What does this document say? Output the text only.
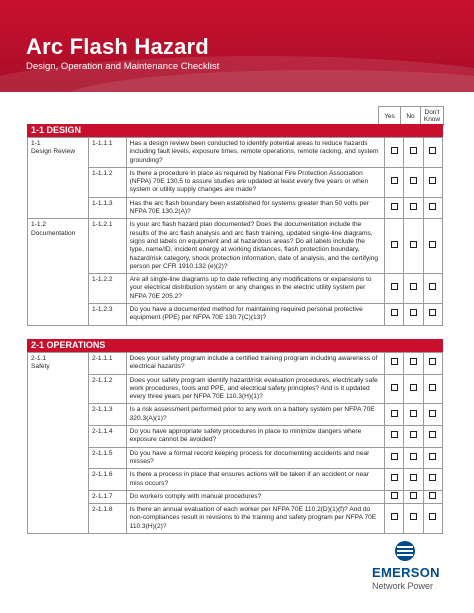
Arc Flash Hazard
Design, Operation and Maintenance Checklist
Yes	No	Don't Know
1-1 DESIGN
1-1
Design Review	1-1.1.1	Has a design review been conducted to identify potential areas to reduce hazards including fault levels, exposure times, remote operations, remote racking, and system grounding?			
	1-1.1.2	Is there a procedure in place as required by National Fire Protection Association (NFPA) 70E 130.5 to assure studies are updated at least every five years or when system or utility supply changes are made?			
	1-1.1.3	Has the arc flash boundary been established for systems greater than 50 volts per NFPA 70E 130.2(A)?			
1-1.2
Documentation	1-1.2.1	Is your arc flash hazard plan documented? Does the documentation include the results of the arc flash analysis and arc flash training, updated single-line diagrams, signs and labels on equipment and at hazardous areas? Do all labels include the type, name/ID, incident energy at working distances, flash protection boundary, hazard/risk category, shock protection information, date of analysis, and the certifying person per CFR 1910.132 (e)(2)?			
	1-1.2.2	Are all single-line diagrams up to date reflecting any modifications or expansions to your electrical distribution system or any changes in the electric utility system per NFPA 70E 205.2?			
	1-1.2.3	Do you have a documented method for maintaining required personal protective equipment (PPE) per NFPA 70E 130.7(C)(13)?			
2-1 OPERATIONS
2-1.1
Safety	2-1.1.1	Does your safety program include a certified training program including awareness of electrical hazards?			
	2-1.1.2	Does your safety program identify hazard/risk evaluation procedures, electrically safe work procedures, tools and PPE, and electrical safety principles? And is it updated every three years per NFPA 70E 110.3(H)(1)?			
	2-1.1.3	Is a risk assessment performed prior to any work on a battery system per NFPA 70E 320.3(A)(1)?			
	2-1.1.4	Do you have appropriate safety procedures in place to minimize dangers where exposure cannot be avoided?			
	2-1.1.5	Do you have a formal record keeping process for documenting accidents and near misses?			
	2-1.1.6	Is there a process in place that ensures actions will be taken if an accident or near miss occurs?			
	2-1.1.7	Do workers comply with manual procedures?			
	2-1.1.8	Is there an annual evaluation of each worker per NFPA 70E 110.2(D)(1)(f)? And do non-compliances result in revisions to the training and safety program per NFPA 70E 110.3(H)(2)?			
EMERSON
Network Power
